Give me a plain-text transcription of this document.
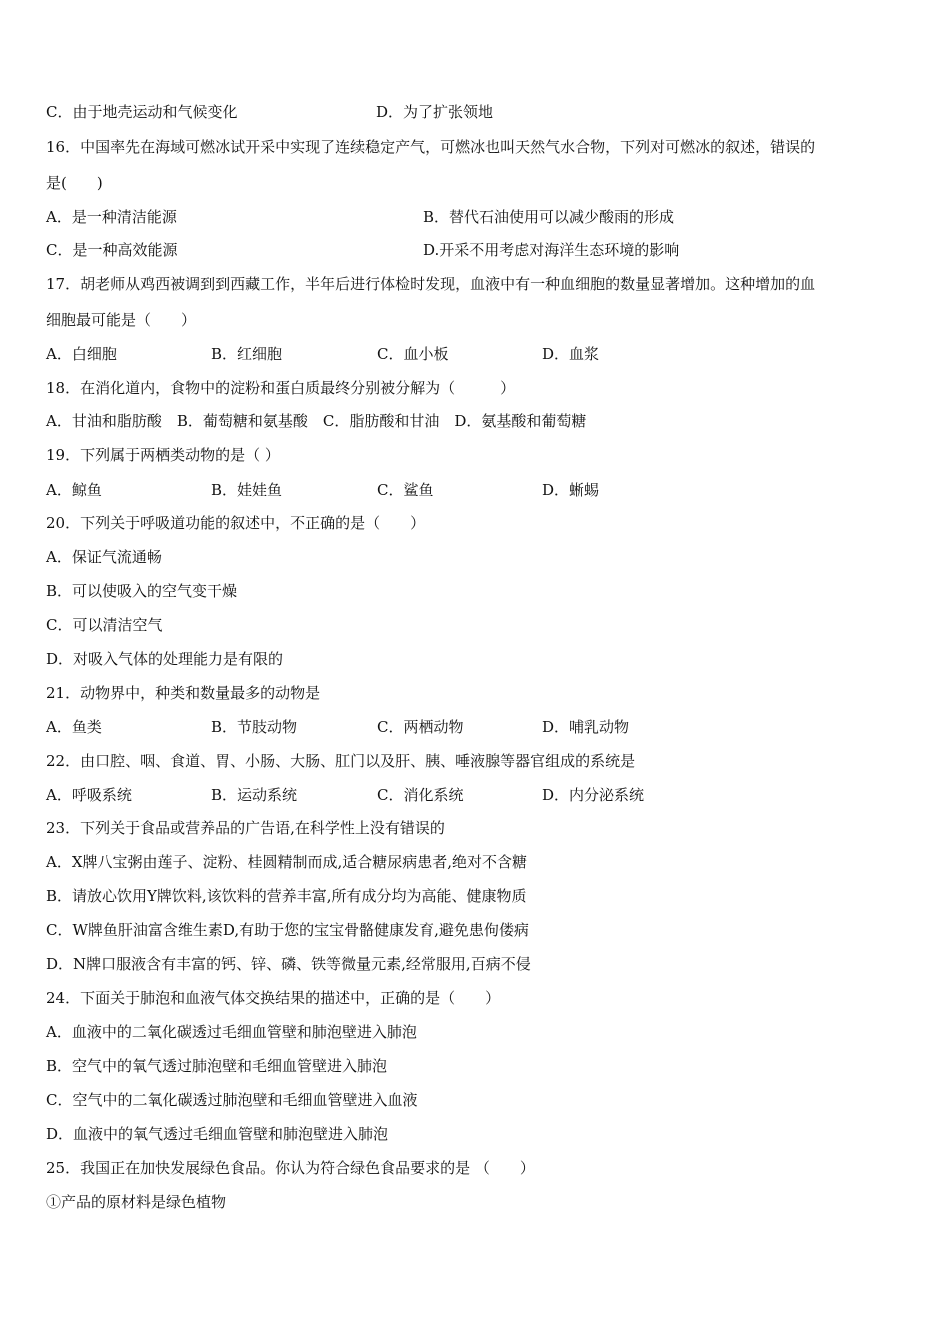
C．由于地壳运动和气候变化	D．为了扩张领地
16．中国率先在海域可燃冰试开采中实现了连续稳定产气，可燃冰也叫天然气水合物，下列对可燃冰的叙述，错误的
是(　　)
A．是一种清洁能源	B．替代石油使用可以减少酸雨的形成
C．是一种高效能源	D.开采不用考虑对海洋生态环境的影响
17．胡老师从鸡西被调到到西藏工作，半年后进行体检时发现，血液中有一种血细胞的数量显著增加。这种增加的血
细胞最可能是（　　）
A．白细胞	B．红细胞	C．血小板	D．血浆
18．在消化道内，食物中的淀粉和蛋白质最终分别被分解为（　　　）
A．甘油和脂肪酸　B．葡萄糖和氨基酸　C．脂肪酸和甘油　D．氨基酸和葡萄糖
19．下列属于两栖类动物的是（ ）
A．鲸鱼	B．娃娃鱼	C．鲨鱼	D．蜥蜴
20．下列关于呼吸道功能的叙述中，不正确的是（　　）
A．保证气流通畅
B．可以使吸入的空气变干燥
C．可以清洁空气
D．对吸入气体的处理能力是有限的
21．动物界中，种类和数量最多的动物是
A．鱼类	B．节肢动物	C．两栖动物	D．哺乳动物
22．由口腔、咽、食道、胃、小肠、大肠、肛门以及肝、胰、唾液腺等器官组成的系统是
A．呼吸系统	B．运动系统	C．消化系统	D．内分泌系统
23．下列关于食品或营养品的广告语,在科学性上没有错误的
A．X牌八宝粥由莲子、淀粉、桂圆精制而成,适合糖尿病患者,绝对不含糖
B．请放心饮用Y牌饮料,该饮料的营养丰富,所有成分均为高能、健康物质
C．W牌鱼肝油富含维生素D,有助于您的宝宝骨骼健康发育,避免患佝偻病
D．N牌口服液含有丰富的钙、锌、磷、铁等微量元素,经常服用,百病不侵
24．下面关于肺泡和血液气体交换结果的描述中，正确的是（　　）
A．血液中的二氧化碳透过毛细血管壁和肺泡壁进入肺泡
B．空气中的氧气透过肺泡壁和毛细血管壁进入肺泡
C．空气中的二氧化碳透过肺泡壁和毛细血管壁进入血液
D．血液中的氧气透过毛细血管壁和肺泡壁进入肺泡
25．我国正在加快发展绿色食品。你认为符合绿色食品要求的是 （　　）
①产品的原材料是绿色植物
